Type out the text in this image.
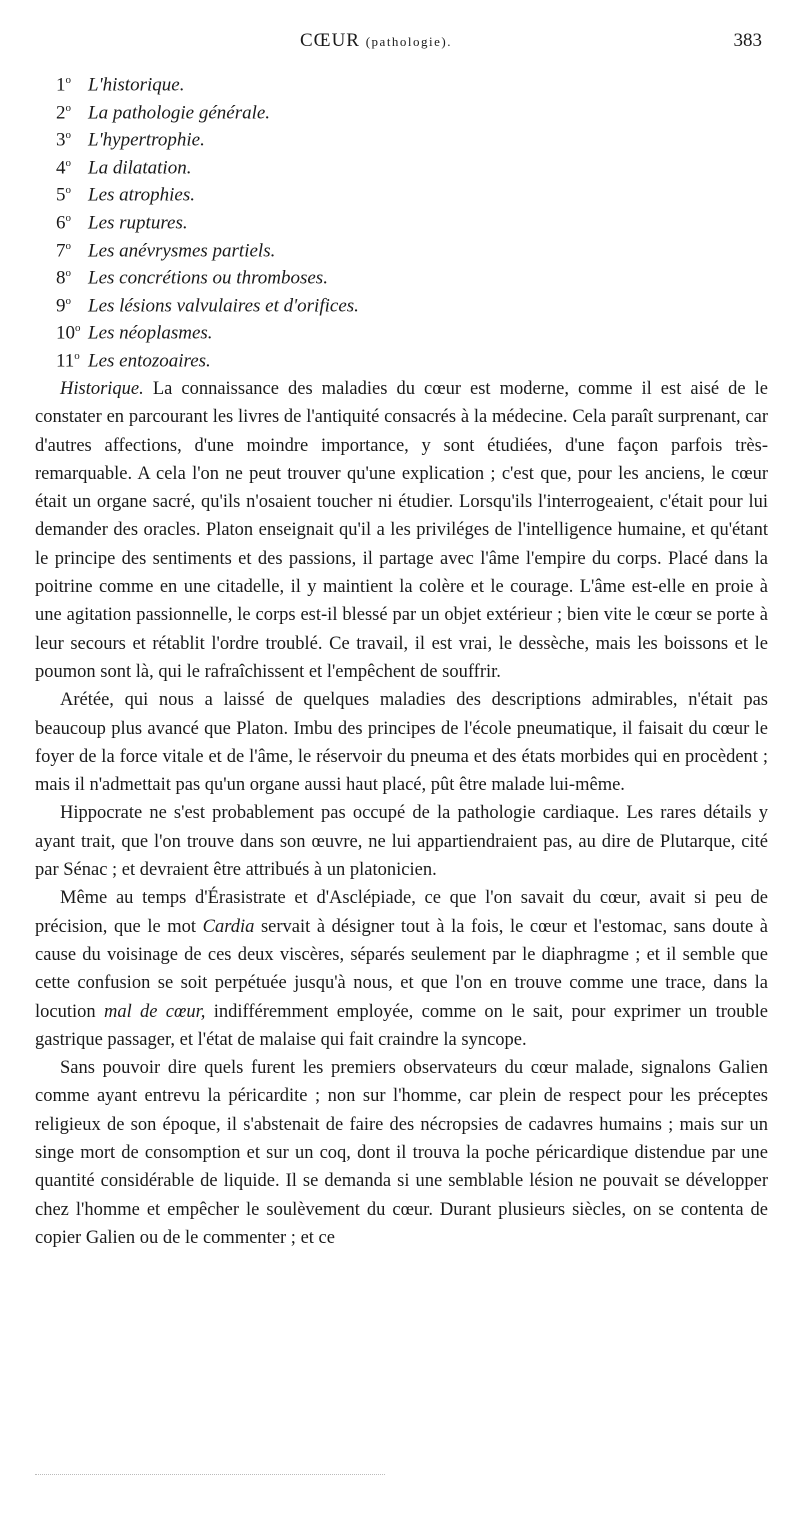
CŒUR (pathologie).	383
1$^o$ L'historique.
2$^o$ La pathologie générale.
3$^o$ L'hypertrophie.
4$^o$ La dilatation.
5$^o$ Les atrophies.
6$^o$ Les ruptures.
7$^o$ Les anévrysmes partiels.
8$^o$ Les concrétions ou thromboses.
9$^o$ Les lésions valvulaires et d'orifices.
10$^o$ Les néoplasmes.
11$^o$ Les entozoaires.

Historique. La connaissance des maladies du cœur est moderne, comme il est aisé de le constater en parcourant les livres de l'antiquité consacrés à la médecine. Cela paraît surprenant, car d'autres affections, d'une moindre importance, y sont étudiées, d'une façon parfois très-remarquable. A cela l'on ne peut trouver qu'une explication ; c'est que, pour les anciens, le cœur était un organe sacré, qu'ils n'osaient toucher ni étudier. Lorsqu'ils l'interrogeaient, c'était pour lui demander des oracles. Platon enseignait qu'il a les priviléges de l'intelligence humaine, et qu'étant le principe des sentiments et des passions, il partage avec l'âme l'empire du corps. Placé dans la poitrine comme en une citadelle, il y maintient la colère et le courage. L'âme est-elle en proie à une agitation passionnelle, le corps est-il blessé par un objet extérieur ; bien vite le cœur se porte à leur secours et rétablit l'ordre troublé. Ce travail, il est vrai, le dessèche, mais les boissons et le poumon sont là, qui le rafraîchissent et l'empêchent de souffrir.

Arétée, qui nous a laissé de quelques maladies des descriptions admirables, n'était pas beaucoup plus avancé que Platon. Imbu des principes de l'école pneumatique, il faisait du cœur le foyer de la force vitale et de l'âme, le réservoir du pneuma et des états morbides qui en procèdent ; mais il n'admettait pas qu'un organe aussi haut placé, pût être malade lui-même.

Hippocrate ne s'est probablement pas occupé de la pathologie cardiaque. Les rares détails y ayant trait, que l'on trouve dans son œuvre, ne lui appartiendraient pas, au dire de Plutarque, cité par Sénac ; et devraient être attribués à un platonicien.

Même au temps d'Érasistrate et d'Asclépiade, ce que l'on savait du cœur, avait si peu de précision, que le mot Cardia servait à désigner tout à la fois, le cœur et l'estomac, sans doute à cause du voisinage de ces deux viscères, séparés seulement par le diaphragme ; et il semble que cette confusion se soit perpétuée jusqu'à nous, et que l'on en trouve comme une trace, dans la locution mal de cœur, indifféremment employée, comme on le sait, pour exprimer un trouble gastrique passager, et l'état de malaise qui fait craindre la syncope.

Sans pouvoir dire quels furent les premiers observateurs du cœur malade, signalons Galien comme ayant entrevu la péricardite ; non sur l'homme, car plein de respect pour les préceptes religieux de son époque, il s'abstenait de faire des nécropsies de cadavres humains ; mais sur un singe mort de consomption et sur un coq, dont il trouva la poche péricardique distendue par une quantité considérable de liquide. Il se demanda si une semblable lésion ne pouvait se développer chez l'homme et empêcher le soulèvement du cœur. Durant plusieurs siècles, on se contenta de copier Galien ou de le commenter ; et ce
